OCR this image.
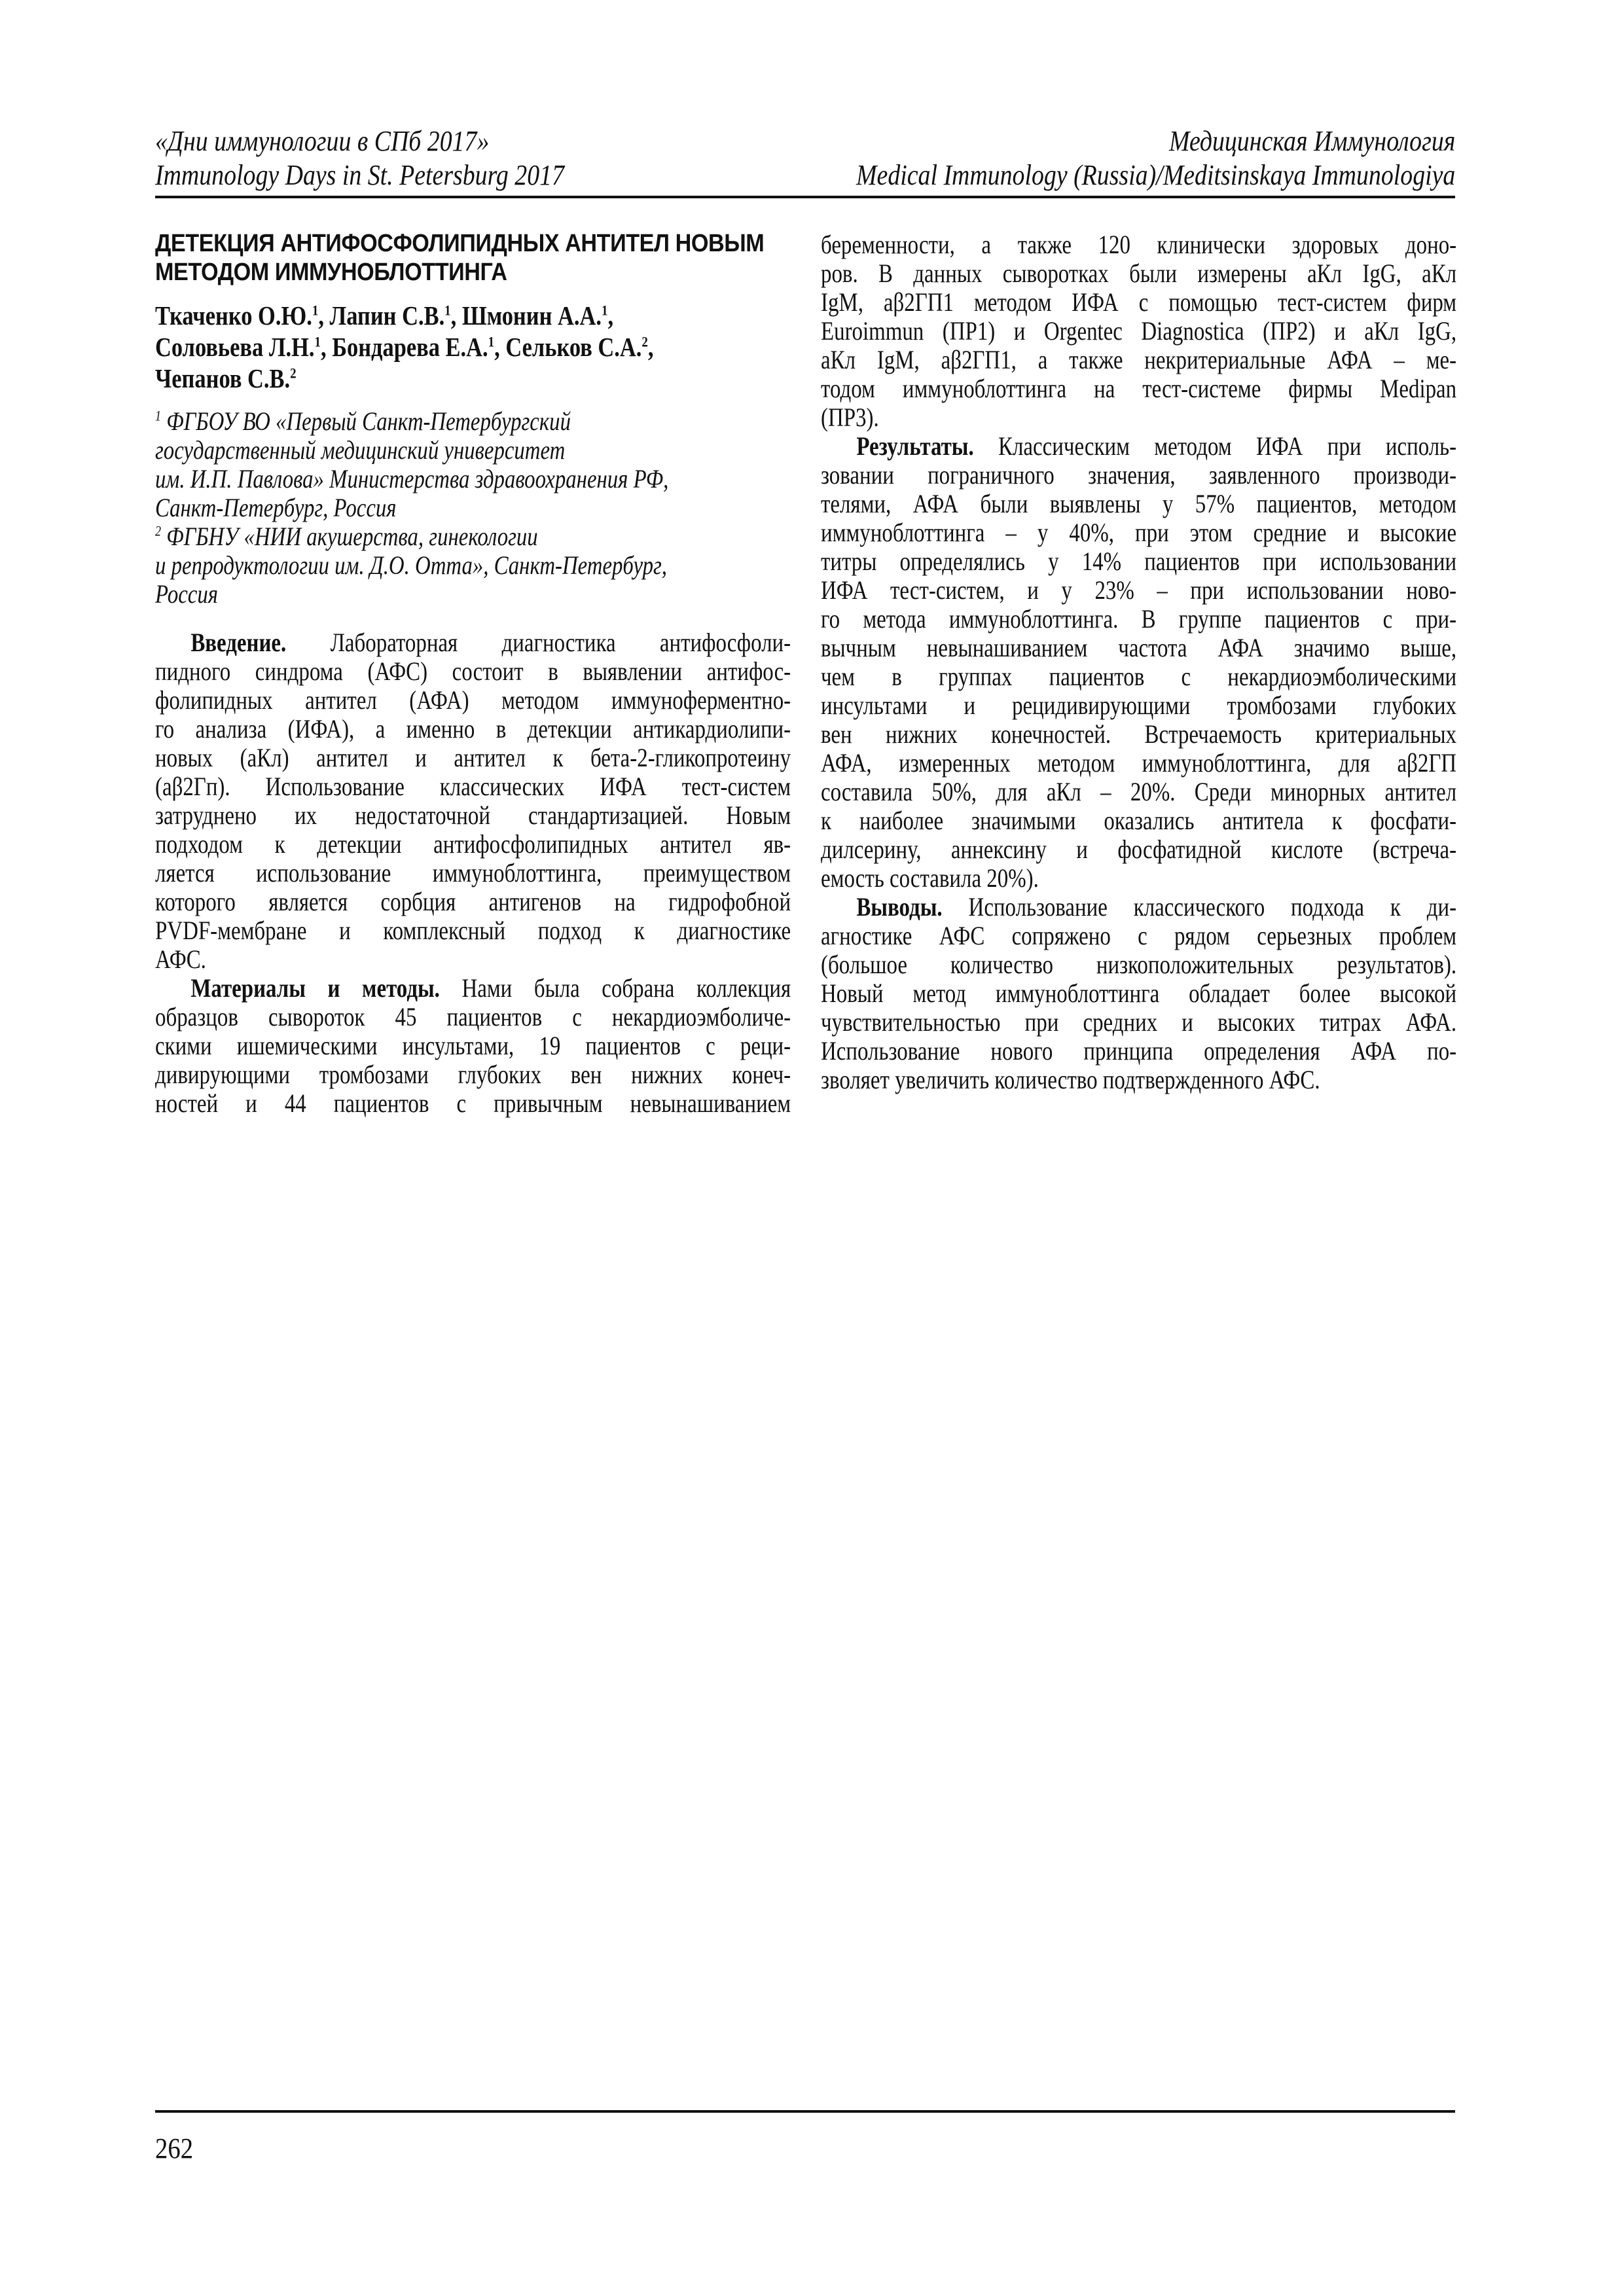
«Дни иммунологии в СПб 2017»
Immunology Days in St. Petersburg 2017
Медицинская Иммунология
Medical Immunology (Russia)/Meditsinskaya Immunologiya
ДЕТЕКЦИЯ АНТИФОСФОЛИПИДНЫХ АНТИТЕЛ НОВЫМ
МЕТОДОМ ИММУНОБЛОТТИНГА
Ткаченко О.Ю.$^1$, Лапин С.В.$^1$, Шмонин А.А.$^1$,
Соловьева Л.Н.$^1$, Бондарева Е.А.$^1$, Сельков С.А.$^2$,
Чепанов С.В.$^2$
$^1$ ФГБОУ ВО «Первый Санкт-Петербургский
государственный медицинский университет
им. И.П. Павлова» Министерства здравоохранения РФ,
Санкт-Петербург, Россия
$^2$ ФГБНУ «НИИ акушерства, гинекологии
и репродуктологии им. Д.О. Отта», Санкт-Петербург,
Россия
Введение. Лабораторная диагностика антифосфоли-
пидного синдрома (АФС) состоит в выявлении антифос-
фолипидных антител (АФА) методом иммуноферментно-
го анализа (ИФА), а именно в детекции антикардиолипи-
новых (аКл) антител и антител к бета-2-гликопротеину
(аβ2Гп). Использование классических ИФА тест-систем
затруднено их недостаточной стандартизацией. Новым
подходом к детекции антифосфолипидных антител яв-
ляется использование иммуноблоттинга, преимуществом
которого является сорбция антигенов на гидрофобной
PVDF-мембране и комплексный подход к диагностике
АФС.
Материалы и методы. Нами была собрана коллекция
образцов сывороток 45 пациентов с некардиоэмболиче-
скими ишемическими инсультами, 19 пациентов с реци-
дивирующими тромбозами глубоких вен нижних конеч-
ностей и 44 пациентов с привычным невынашиванием
беременности, а также 120 клинически здоровых доно-
ров. В данных сыворотках были измерены аКл IgG, аКл
IgM, аβ2ГП1 методом ИФА с помощью тест-систем фирм
Euroimmun (ПР1) и Orgentec Diagnostica (ПР2) и аКл IgG,
аКл IgM, аβ2ГП1, а также некритериальные АФА – ме-
тодом иммуноблоттинга на тест-системе фирмы Medipan
(ПР3).
Результаты. Классическим методом ИФА при исполь-
зовании пограничного значения, заявленного производи-
телями, АФА были выявлены у 57% пациентов, методом
иммуноблоттинга – у 40%, при этом средние и высокие
титры определялись у 14% пациентов при использовании
ИФА тест-систем, и у 23% – при использовании ново-
го метода иммуноблоттинга. В группе пациентов с при-
вычным невынашиванием частота АФА значимо выше,
чем в группах пациентов с некардиоэмболическими
инсультами и рецидивирующими тромбозами глубоких
вен нижних конечностей. Встречаемость критериальных
АФА, измеренных методом иммуноблоттинга, для аβ2ГП
составила 50%, для аКл – 20%. Среди минорных антител
к наиболее значимыми оказались антитела к фосфати-
дилсерину, аннексину и фосфатидной кислоте (встреча-
емость составила 20%).
Выводы. Использование классического подхода к ди-
агностике АФС сопряжено с рядом серьезных проблем
(большое количество низкоположительных результатов).
Новый метод иммуноблоттинга обладает более высокой
чувствительностью при средних и высоких титрах АФА.
Использование нового принципа определения АФА по-
зволяет увеличить количество подтвержденного АФС.
262
